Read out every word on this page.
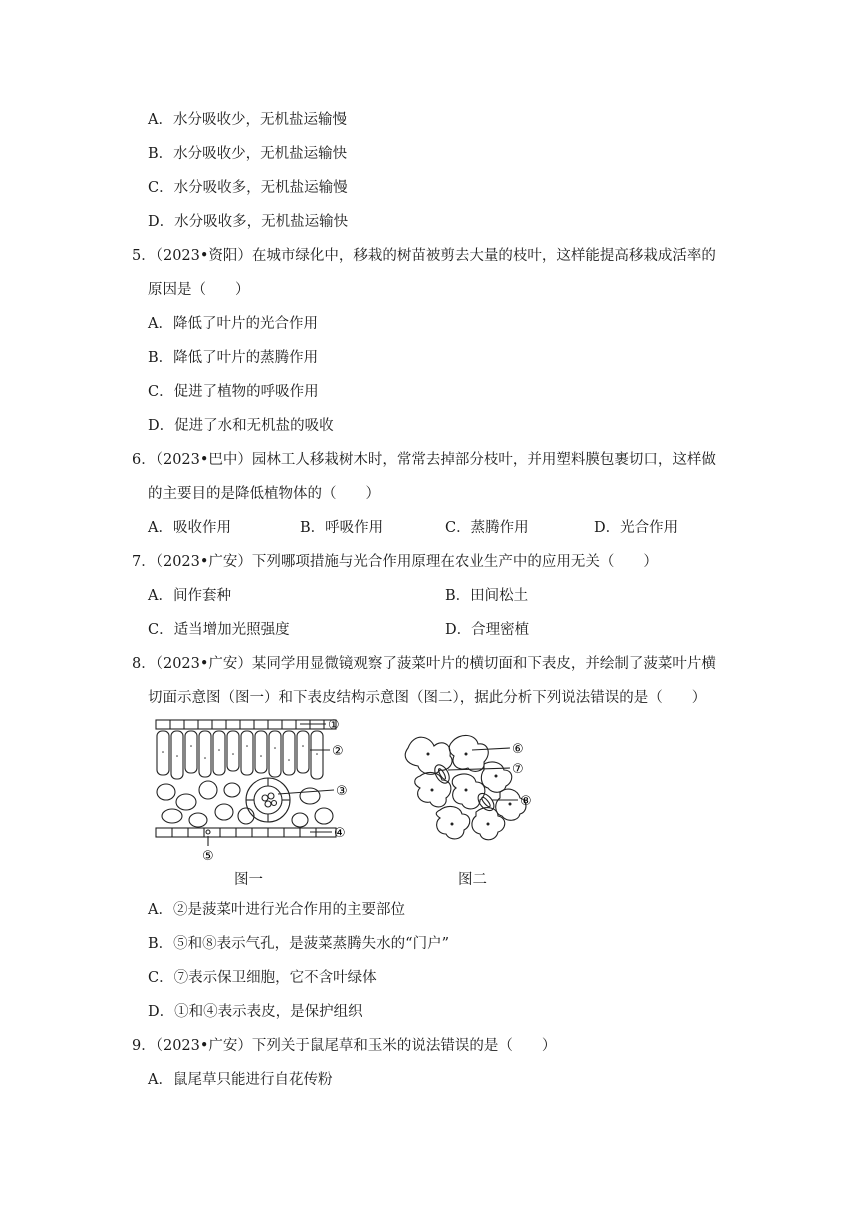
A．水分吸收少，无机盐运输慢
B．水分吸收少，无机盐运输快
C．水分吸收多，无机盐运输慢
D．水分吸收多，无机盐运输快
5．（2023•资阳）在城市绿化中，移栽的树苗被剪去大量的枝叶，这样能提高移栽成活率的
原因是（　　）
A．降低了叶片的光合作用
B．降低了叶片的蒸腾作用
C．促进了植物的呼吸作用
D．促进了水和无机盐的吸收
6．（2023•巴中）园林工人移栽树木时，常常去掉部分枝叶，并用塑料膜包裹切口，这样做
的主要目的是降低植物体的（　　）
A．吸收作用	B．呼吸作用	C．蒸腾作用	D．光合作用
7．（2023•广安）下列哪项措施与光合作用原理在农业生产中的应用无关（　　）
A．间作套种	B．田间松土
C．适当增加光照强度	D．合理密植
8．（2023•广安）某同学用显微镜观察了菠菜叶片的横切面和下表皮，并绘制了菠菜叶片横
切面示意图（图一）和下表皮结构示意图（图二），据此分析下列说法错误的是（　　）
①
②
③
④
⑤
⑥
⑦
⑧
图一	图二
A．②是菠菜叶进行光合作用的主要部位
B．⑤和⑧表示气孔，是菠菜蒸腾失水的“门户”
C．⑦表示保卫细胞，它不含叶绿体
D．①和④表示表皮，是保护组织
9．（2023•广安）下列关于鼠尾草和玉米的说法错误的是（　　）
A．鼠尾草只能进行自花传粉
